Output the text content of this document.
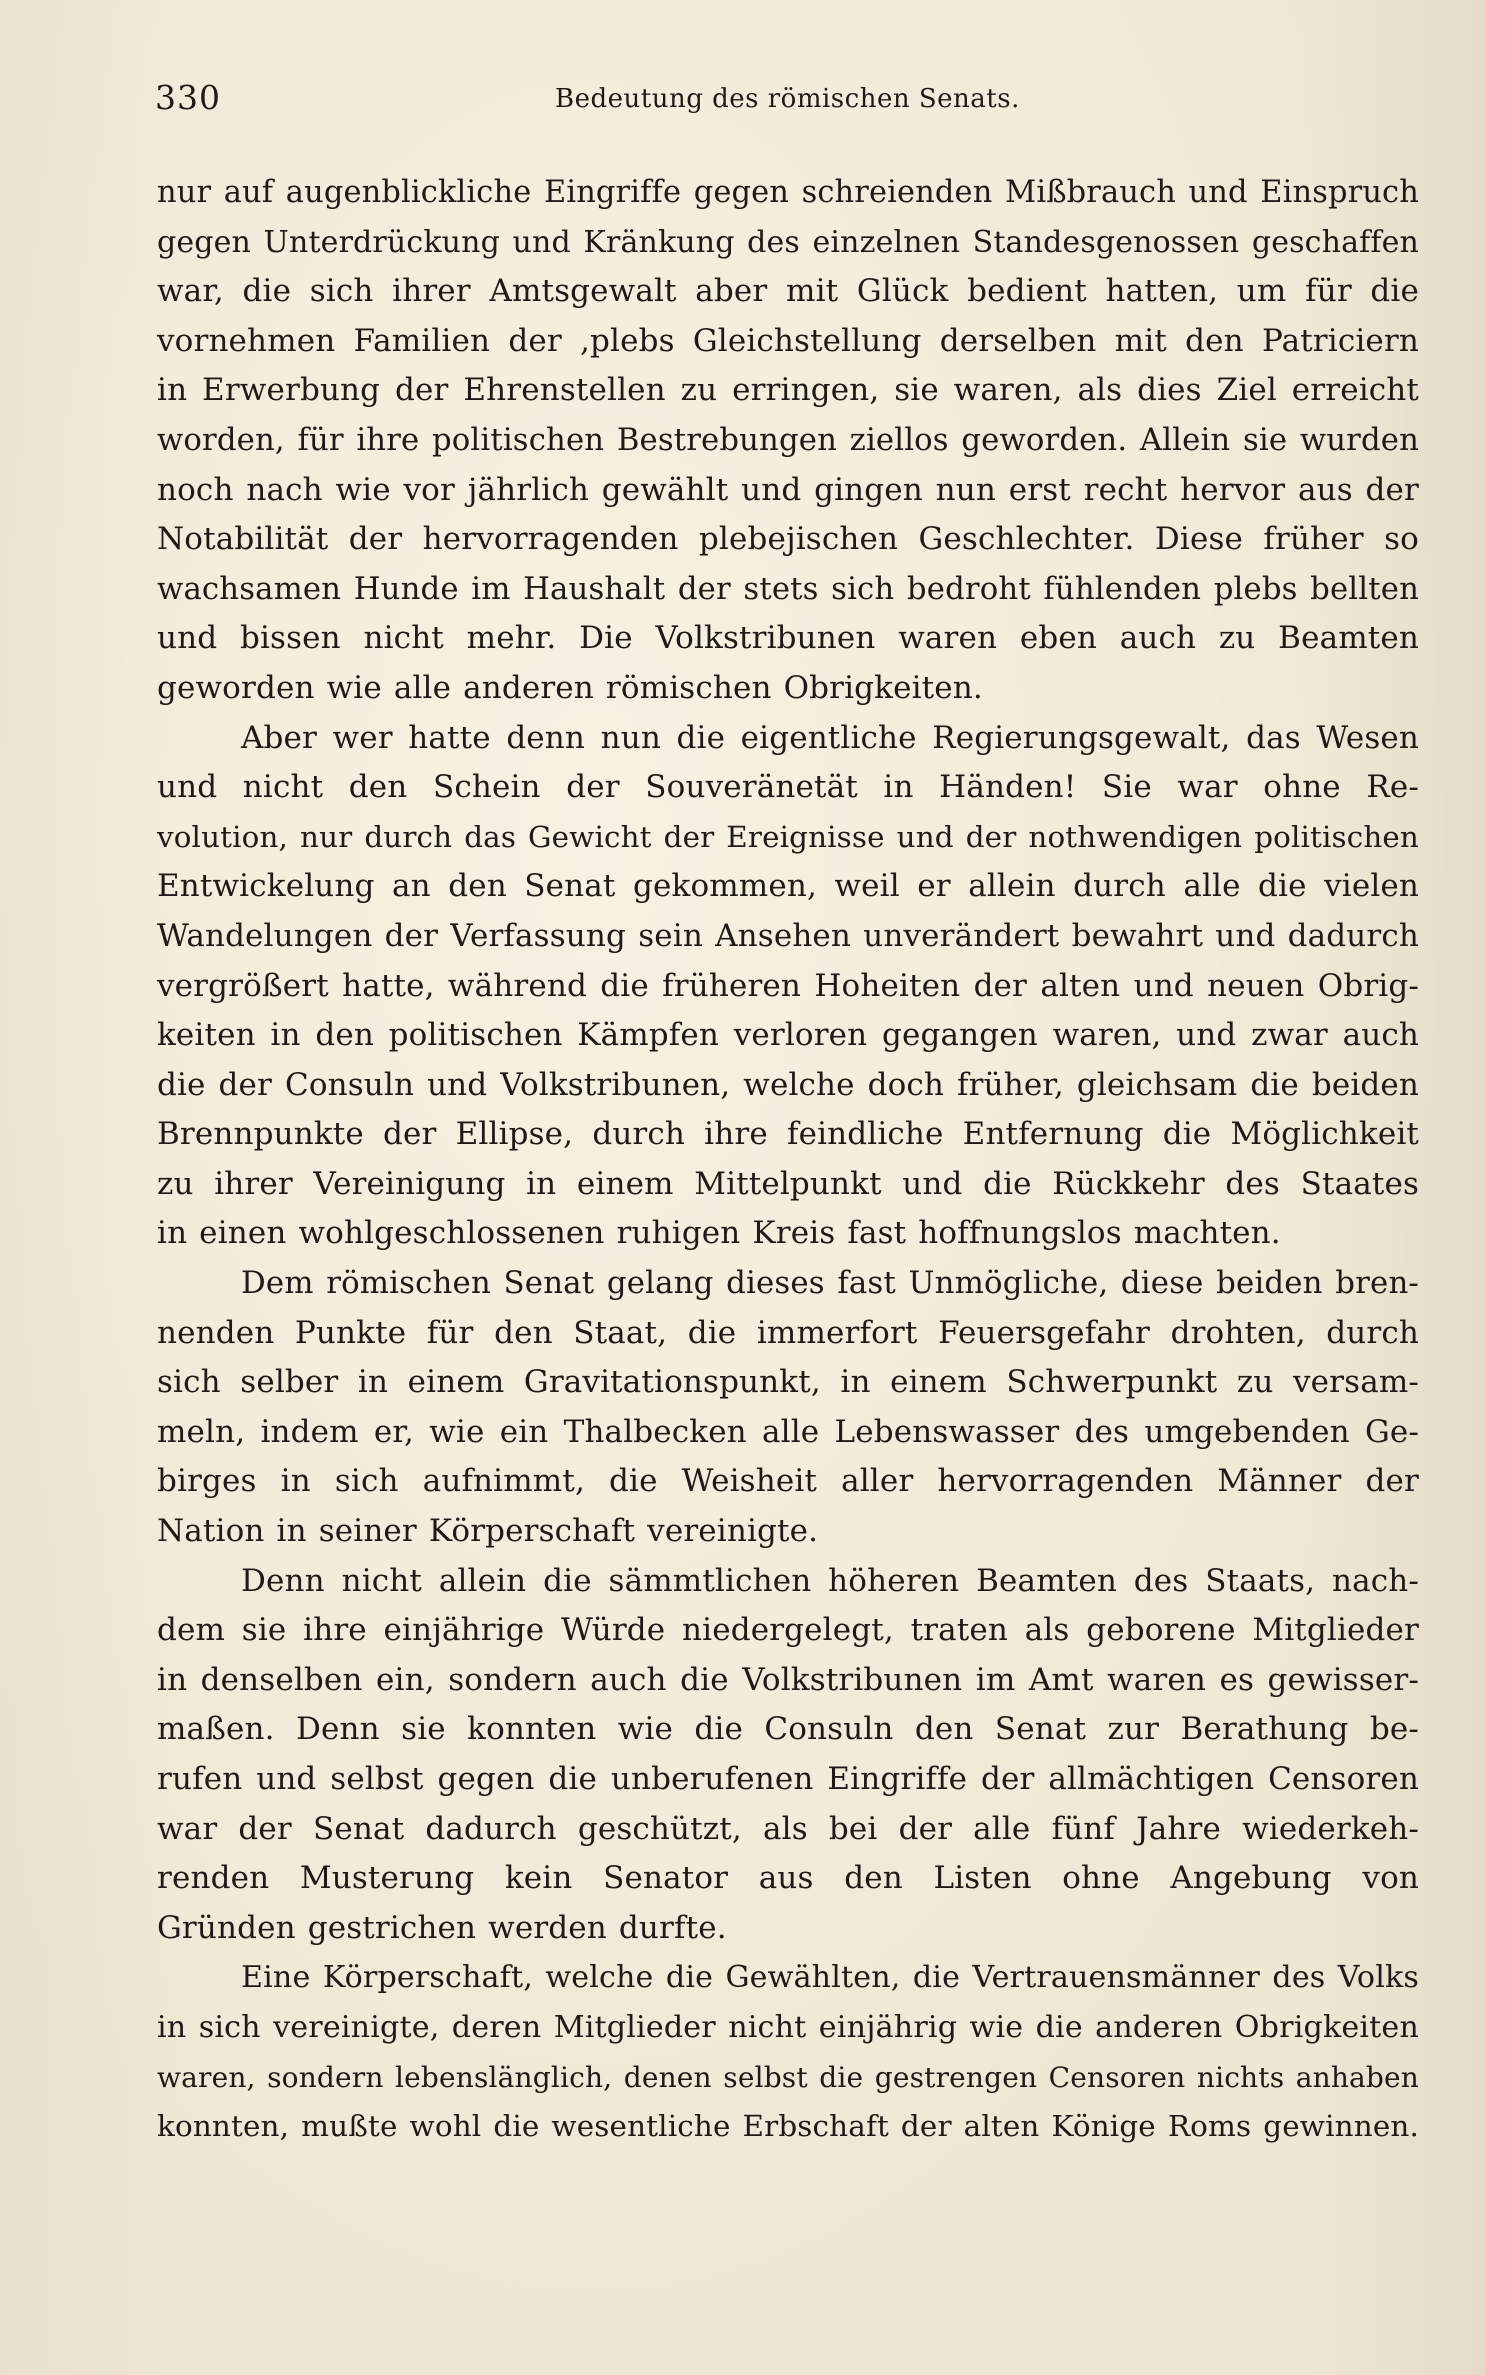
330	Bedeutung des römischen Senats.

nur auf augenblickliche Eingriffe gegen schreienden Mißbrauch und Einspruch
gegen Unterdrückung und Kränkung des einzelnen Standesgenossen geschaffen
war, die sich ihrer Amtsgewalt aber mit Glück bedient hatten, um für die
vornehmen Familien der ,plebs Gleichstellung derselben mit den Patriciern
in Erwerbung der Ehrenstellen zu erringen, sie waren, als dies Ziel erreicht
worden, für ihre politischen Bestrebungen ziellos geworden. Allein sie wurden
noch nach wie vor jährlich gewählt und gingen nun erst recht hervor aus der
Notabilität der hervorragenden plebejischen Geschlechter. Diese früher so
wachsamen Hunde im Haushalt der stets sich bedroht fühlenden plebs bellten
und bissen nicht mehr. Die Volkstribunen waren eben auch zu Beamten
geworden wie alle anderen römischen Obrigkeiten.

Aber wer hatte denn nun die eigentliche Regierungsgewalt, das Wesen
und nicht den Schein der Souveränetät in Händen! Sie war ohne Re-
volution, nur durch das Gewicht der Ereignisse und der nothwendigen politischen
Entwickelung an den Senat gekommen, weil er allein durch alle die vielen
Wandelungen der Verfassung sein Ansehen unverändert bewahrt und dadurch
vergrößert hatte, während die früheren Hoheiten der alten und neuen Obrig-
keiten in den politischen Kämpfen verloren gegangen waren, und zwar auch
die der Consuln und Volkstribunen, welche doch früher, gleichsam die beiden
Brennpunkte der Ellipse, durch ihre feindliche Entfernung die Möglichkeit
zu ihrer Vereinigung in einem Mittelpunkt und die Rückkehr des Staates
in einen wohlgeschlossenen ruhigen Kreis fast hoffnungslos machten.

Dem römischen Senat gelang dieses fast Unmögliche, diese beiden bren-
nenden Punkte für den Staat, die immerfort Feuersgefahr drohten, durch
sich selber in einem Gravitationspunkt, in einem Schwerpunkt zu versam-
meln, indem er, wie ein Thalbecken alle Lebenswasser des umgebenden Ge-
birges in sich aufnimmt, die Weisheit aller hervorragenden Männer der
Nation in seiner Körperschaft vereinigte.

Denn nicht allein die sämmtlichen höheren Beamten des Staats, nach-
dem sie ihre einjährige Würde niedergelegt, traten als geborene Mitglieder
in denselben ein, sondern auch die Volkstribunen im Amt waren es gewisser-
maßen. Denn sie konnten wie die Consuln den Senat zur Berathung be-
rufen und selbst gegen die unberufenen Eingriffe der allmächtigen Censoren
war der Senat dadurch geschützt, als bei der alle fünf Jahre wiederkeh-
renden Musterung kein Senator aus den Listen ohne Angebung von
Gründen gestrichen werden durfte.

Eine Körperschaft, welche die Gewählten, die Vertrauensmänner des Volks
in sich vereinigte, deren Mitglieder nicht einjährig wie die anderen Obrigkeiten
waren, sondern lebenslänglich, denen selbst die gestrengen Censoren nichts anhaben
konnten, mußte wohl die wesentliche Erbschaft der alten Könige Roms gewinnen.
